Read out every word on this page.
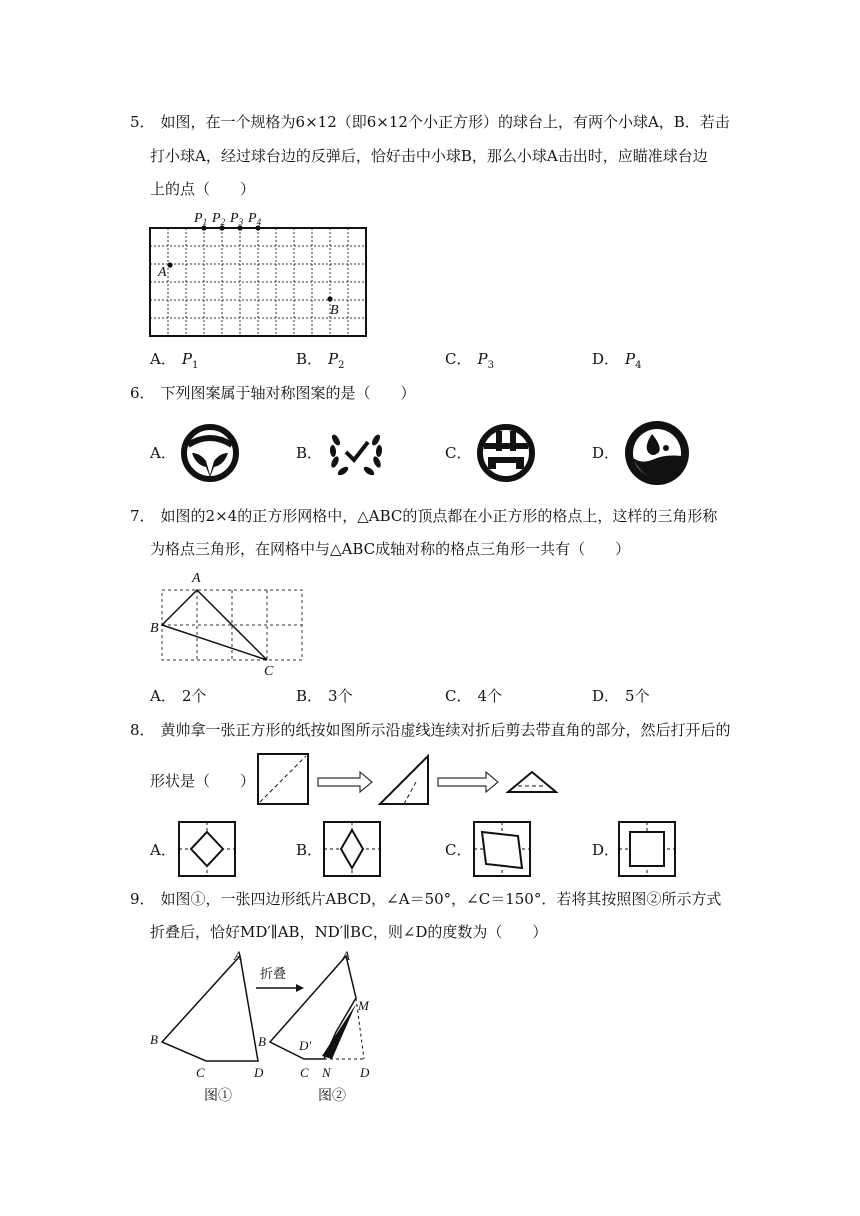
5． 如图，在一个规格为6×12（即6×12个小正方形）的球台上，有两个小球A，B．若击
打小球A，经过球台边的反弹后，恰好击中小球B，那么小球A击出时，应瞄准球台边
上的点（　　）
$P_1$ $P_2$ $P_3$ $P_4$
A
B
A． $P_1$	B． $P_2$	C． $P_3$	D． $P_4$
6． 下列图案属于轴对称图案的是（　　）
A．	B．	C．	D．
7． 如图的2×4的正方形网格中，△ABC的顶点都在小正方形的格点上，这样的三角形称
为格点三角形，在网格中与△ABC成轴对称的格点三角形一共有（　　）
A
B
C
A． 2个	B． 3个	C． 4个	D． 5个
8． 黄帅拿一张正方形的纸按如图所示沿虚线连续对折后剪去带直角的部分，然后打开后的
形状是（　　）
A．	B．	C．	D．
9． 如图①，一张四边形纸片ABCD，∠A＝50°，∠C＝150°．若将其按照图②所示方式
折叠后，恰好MD′∥AB，ND′∥BC，则∠D的度数为（　　）
A
B
C	D
图①
折叠
A
B
M
D′
C N D
图②
